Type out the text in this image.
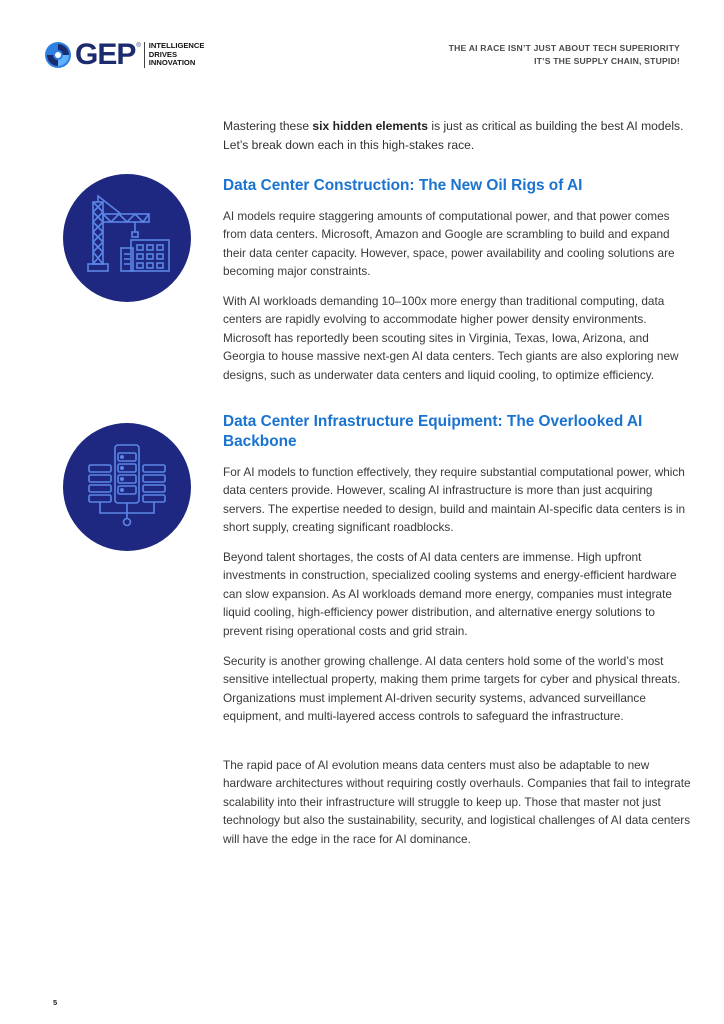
GEP ® INTELLIGENCE
DRIVES
INNOVATION
THE AI RACE ISN’T JUST ABOUT TECH SUPERIORITY
IT’S THE SUPPLY CHAIN, STUPID!

Mastering these six hidden elements is just as critical as building the best AI models. Let’s break down each in this high-stakes race.

Data Center Construction: The New Oil Rigs of AI

AI models require staggering amounts of computational power, and that power comes from data centers. Microsoft, Amazon and Google are scrambling to build and expand their data center capacity. However, space, power availability and cooling solutions are becoming major constraints.

With AI workloads demanding 10–100x more energy than traditional computing, data centers are rapidly evolving to accommodate higher power density environments. Microsoft has reportedly been scouting sites in Virginia, Texas, Iowa, Arizona, and Georgia to house massive next-gen AI data centers. Tech giants are also exploring new designs, such as underwater data centers and liquid cooling, to optimize efficiency.

Data Center Infrastructure Equipment: The Overlooked AI
Backbone

For AI models to function effectively, they require substantial computational power, which data centers provide. However, scaling AI infrastructure is more than just acquiring servers. The expertise needed to design, build and maintain AI-specific data centers is in short supply, creating significant roadblocks.

Beyond talent shortages, the costs of AI data centers are immense. High upfront investments in construction, specialized cooling systems and energy-efficient hardware can slow expansion. As AI workloads demand more energy, companies must integrate liquid cooling, high-efficiency power distribution, and alternative energy solutions to prevent rising operational costs and grid strain.

Security is another growing challenge. AI data centers hold some of the world’s most sensitive intellectual property, making them prime targets for cyber and physical threats. Organizations must implement AI-driven security systems, advanced surveillance equipment, and multi-layered access controls to safeguard the infrastructure.

The rapid pace of AI evolution means data centers must also be adaptable to new hardware architectures without requiring costly overhauls. Companies that fail to integrate scalability into their infrastructure will struggle to keep up. Those that master not just technology but also the sustainability, security, and logistical challenges of AI data centers will have the edge in the race for AI dominance.

5
